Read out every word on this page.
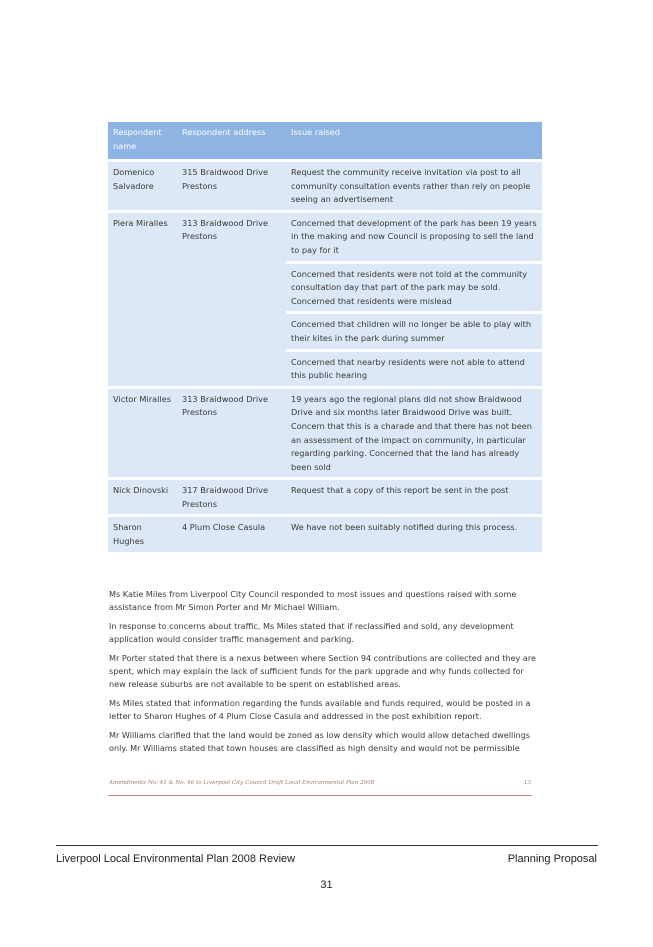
Respondent name	Respondent address	Issue raised
Domenico Salvadore	315 Braidwood Drive Prestons	Request the community receive invitation via post to all community consultation events rather than rely on people seeing an advertisement
Piera Miralles	313 Braidwood Drive Prestons	Concerned that development of the park has been 19 years in the making and now Council is proposing to sell the land to pay for it
		Concerned that residents were not told at the community consultation day that part of the park may be sold. Concerned that residents were mislead
		Concerned that children will no longer be able to play with their kites in the park during summer
		Concerned that nearby residents were not able to attend this public hearing
Victor Miralles	313 Braidwood Drive Prestons	19 years ago the regional plans did not show Braidwood Drive and six months later Braidwood Drive was built. Concern that this is a charade and that there has not been an assessment of the impact on community, in particular regarding parking. Concerned that the land has already been sold
Nick Dinovski	317 Braidwood Drive Prestons	Request that a copy of this report be sent in the post
Sharon Hughes	4 Plum Close Casula	We have not been suitably notified during this process.

Ms Katie Miles from Liverpool City Council responded to most issues and questions raised with some assistance from Mr Simon Porter and Mr Michael William.

In response to concerns about traffic, Ms Miles stated that if reclassified and sold, any development application would consider traffic management and parking.

Mr Porter stated that there is a nexus between where Section 94 contributions are collected and they are spent, which may explain the lack of sufficient funds for the park upgrade and why funds collected for new release suburbs are not available to be spent on established areas.

Ms Miles stated that information regarding the funds available and funds required, would be posted in a letter to Sharon Hughes of 4 Plum Close Casula and addressed in the post exhibition report.

Mr Williams clarified that the land would be zoned as low density which would allow detached dwellings only. Mr Williams stated that town houses are classified as high density and would not be permissible

Amendments No. 41 & No. 46 to Liverpool City Council Draft Local Environmental Plan 2008	13
Liverpool Local Environmental Plan 2008 Review	Planning Proposal
31
